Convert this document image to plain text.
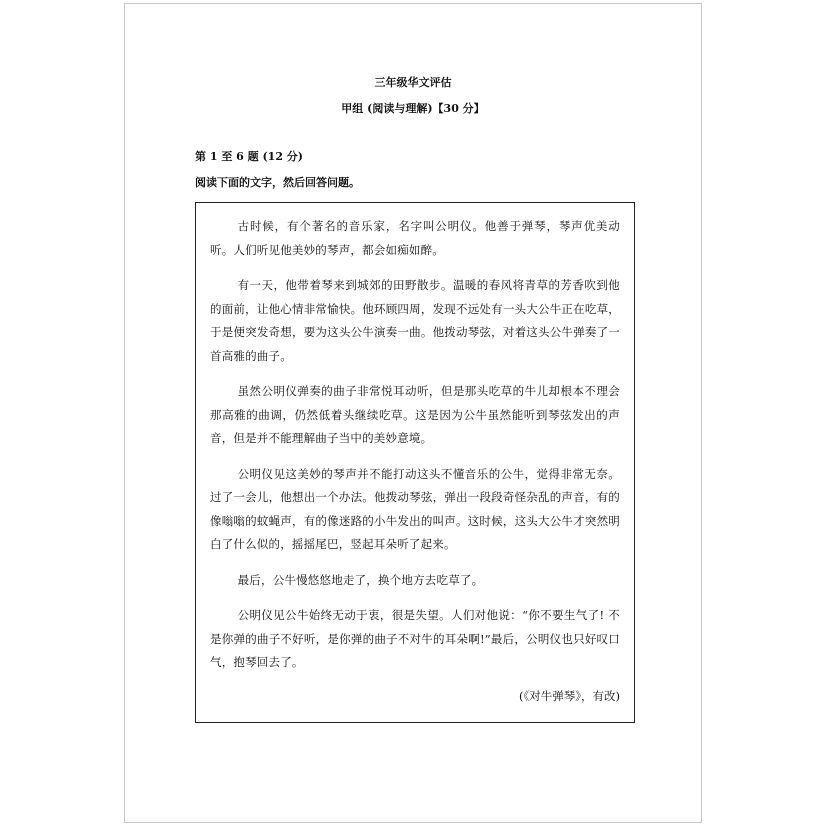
三年级华文评估
甲组 (阅读与理解)【30 分】
第 1 至 6 题 (12 分)
阅读下面的文字，然后回答问题。

古时候，有个著名的音乐家，名字叫公明仪。他善于弹琴，琴声优美动听。人们听见他美妙的琴声，都会如痴如醉。

有一天，他带着琴来到城郊的田野散步。温暖的春风将青草的芳香吹到他的面前，让他心情非常愉快。他环顾四周，发现不远处有一头大公牛正在吃草，于是便突发奇想，要为这头公牛演奏一曲。他拨动琴弦，对着这头公牛弹奏了一首高雅的曲子。

虽然公明仪弹奏的曲子非常悦耳动听，但是那头吃草的牛儿却根本不理会那高雅的曲调，仍然低着头继续吃草。这是因为公牛虽然能听到琴弦发出的声音，但是并不能理解曲子当中的美妙意境。

公明仪见这美妙的琴声并不能打动这头不懂音乐的公牛，觉得非常无奈。过了一会儿，他想出一个办法。他拨动琴弦，弹出一段段奇怪杂乱的声音，有的像嗡嗡的蚊蝇声，有的像迷路的小牛发出的叫声。这时候，这头大公牛才突然明白了什么似的，摇摇尾巴，竖起耳朵听了起来。

最后，公牛慢悠悠地走了，换个地方去吃草了。

公明仪见公牛始终无动于衷，很是失望。人们对他说：“你不要生气了! 不是你弹的曲子不好听，是你弹的曲子不对牛的耳朵啊!”最后，公明仪也只好叹口气，抱琴回去了。

(《对牛弹琴》，有改)
